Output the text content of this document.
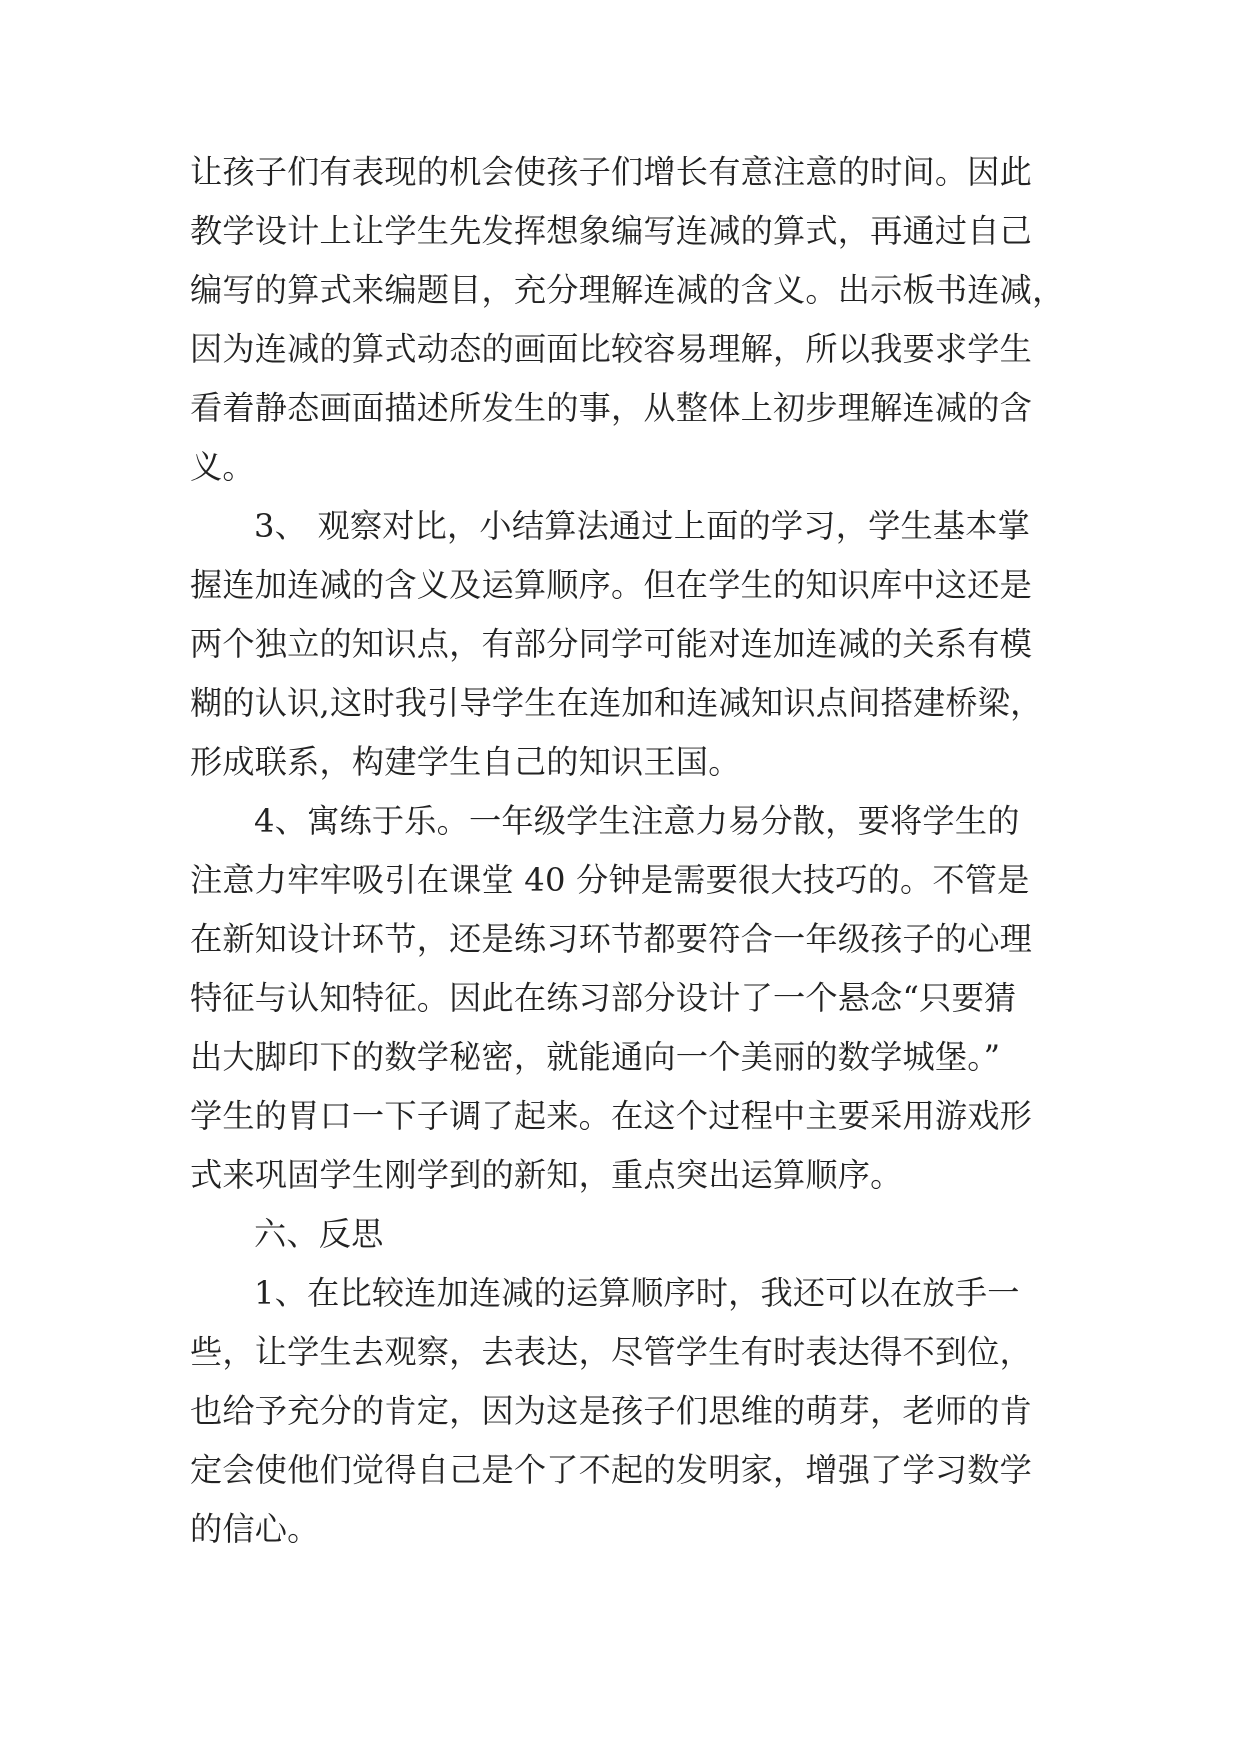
让孩子们有表现的机会使孩子们增长有意注意的时间。因此
教学设计上让学生先发挥想象编写连减的算式，再通过自己
编写的算式来编题目，充分理解连减的含义。出示板书连减，
因为连减的算式动态的画面比较容易理解，所以我要求学生
看着静态画面描述所发生的事，从整体上初步理解连减的含
义。
3、 观察对比，小结算法通过上面的学习，学生基本掌
握连加连减的含义及运算顺序。但在学生的知识库中这还是
两个独立的知识点，有部分同学可能对连加连减的关系有模
糊的认识,这时我引导学生在连加和连减知识点间搭建桥梁，
形成联系，构建学生自己的知识王国。
4、寓练于乐。一年级学生注意力易分散，要将学生的
注意力牢牢吸引在课堂 40 分钟是需要很大技巧的。不管是
在新知设计环节，还是练习环节都要符合一年级孩子的心理
特征与认知特征。因此在练习部分设计了一个悬念“只要猜
出大脚印下的数学秘密，就能通向一个美丽的数学城堡。”
学生的胃口一下子调了起来。在这个过程中主要采用游戏形
式来巩固学生刚学到的新知，重点突出运算顺序。
六、反思
1、在比较连加连减的运算顺序时，我还可以在放手一
些，让学生去观察，去表达，尽管学生有时表达得不到位，
也给予充分的肯定，因为这是孩子们思维的萌芽，老师的肯
定会使他们觉得自己是个了不起的发明家，增强了学习数学
的信心。
